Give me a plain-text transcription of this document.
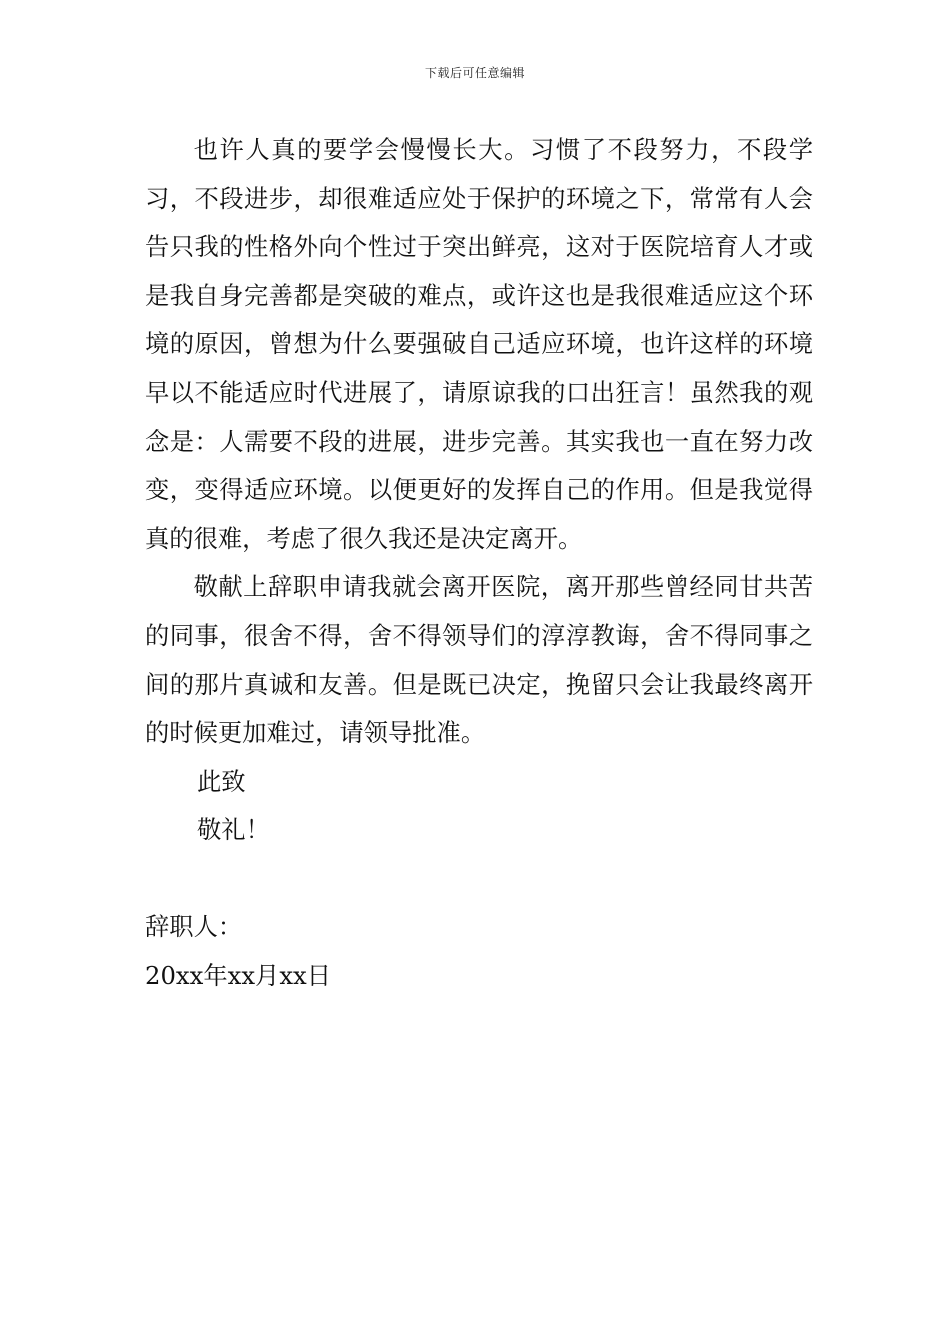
下载后可任意编辑

也许人真的要学会慢慢长大。习惯了不段努力，不段学习，不段进步，却很难适应处于保护的环境之下，常常有人会告只我的性格外向个性过于突出鲜亮，这对于医院培育人才或是我自身完善都是突破的难点，或许这也是我很难适应这个环境的原因，曾想为什么要强破自己适应环境，也许这样的环境早以不能适应时代进展了，请原谅我的口出狂言！虽然我的观念是：人需要不段的进展，进步完善。其实我也一直在努力改变，变得适应环境。以便更好的发挥自己的作用。但是我觉得真的很难，考虑了很久我还是决定离开。

敬献上辞职申请我就会离开医院，离开那些曾经同甘共苦的同事，很舍不得，舍不得领导们的淳淳教诲，舍不得同事之间的那片真诚和友善。但是既已决定，挽留只会让我最终离开的时候更加难过，请领导批准。

此致

敬礼！

辞职人：

20xx年xx月xx日
